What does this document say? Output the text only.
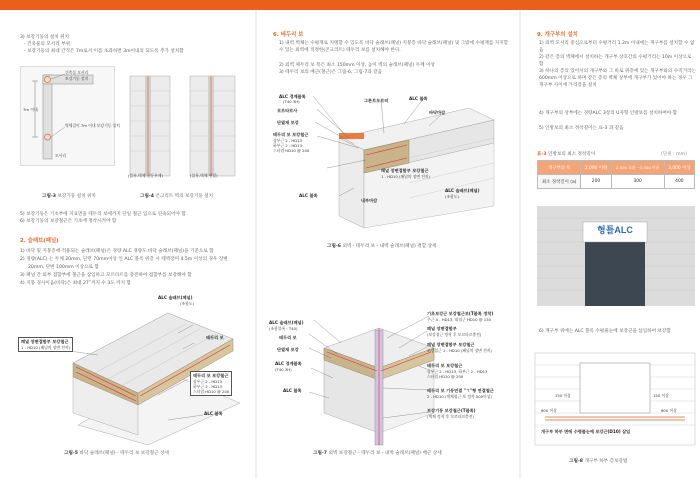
3) 보강기둥의 설치 위치
- 건축물의 모서리 부위
- 보강기둥의 최대 간격은 7m로서 이를 초과하면 3m이내의 되도록 추가 설치함
건축물 모서리
보강기둥 설치
7m 이내
벽체길이 7m 이내 보강기둥 설치
모서리
그림-3 보강기둥 설치 위치
(블록-벽체 공동부재)	(블록-벽체 연결)
그림-4 콘크리트 벽의 보강기둥 설치
5) 보강기둥은 기초부에 지표면을 테두리 보에까지 단일 철근 입으로 연속되어야 함
6) 보강기둥의 보강철근은 기초에 정착시켜야 함
2. 슬래브(패널)
1) 바닥 및 지붕층에 적용되는 슬래브(패널)은 경량 ALC 경량도 바닥 슬래브(패널)을 기준으로 함
2) 경량(ALC) 는 두께 20mm, 단면 70mm이상 인 ALC 블록 위층 시 테벽장미 4.5m 이상의 경우 장변
20mm, 단변 100mm 이상으로 함
3) 패널 간 외부 접합부에 철근을 삽입하고 모르타르를 충전하여 접합부를 보강해야 함
4) 지붕 경사이음(바닥)은 최대 27˚까지 수 3도 까지 함
ALC 슬래브(패널)
(조합도)
패널 장변접합부 보강철근
1 - HD10 (패널의 장변 전직)
테두리 보
테두리 보 보강철근
상부근 2 - HD13
하부근 2 - HD13
스터럽 HD10 @ 200
ALC 블록
그림-5 바닥 슬래브(패널) - 테두리 보 보강철근 상세
6. 테두리 보
1) 내력 벽체는 수평재로 지탱할 수 있도록 바닥 슬래브(패널) 지붕층 바닥 슬래브(패널) 및 그밖에 수평재를 지지할 수 있는 외벽에 적정한(콘크리트) 테두리 보를 설치해야 한다.
2) 외벽 체두리 보 폭은 최소 150mm 이상, 높이 벽의 슬래브(패널) 두께 이상
3) 테두리 보의 배근(철근)은 그림-6, 그림-7과 같음
ALC 경계블록
(T40 3H)	그론트모르터
모르타르사
ALC 블록
바닥마감
단열재 보강
테두리 보 보강철근
상부근 2 - HD13
하부근 2 - HD13
스터럽 HD10 @ 200
ALC 블록
내부마감
패널 장변접합부 보강철근
1 - HD10 (패널의 장변 전직)
ALC 슬래브(패널)
(조합도)
그림-6 외벽 - 테두리 보 - 내벽 슬래브(패널) 결합 상세
ALC 슬래브(패널)
(조합블록 : T40)
테두리 보
단열재 보강
ALC 경계블록
(T40 3H)
ALC 블록
기초보강근 보강철근보(T블록 정착)
주근 4 - HD13, 띠철근 HD10 @ 150
패널 장변접합부
(보강철근 정착 후 모르타르충전)
패널 장변접합부 보강철근
보강철근 1 - HD10 (패널의 장변 전직)
테두리 보 보강철근
상부근 2 - HD13, 하부근 2 - HD13
스터럽 HD10 @ 200
테두리 보 기둥연결 "ㄱ"형 연결철근
2 - HD10 (벽체철근 보 정착 500이상)
보강기둥 보강철근(T블록)
(벽체 정착 후 모르타르충전)
그림-7 외벽 보강철근 - 테두리 보 - 내벽 슬래브(패널) 배근 상세
9. 개구부의 설치
1) 외벽 모서리 중심으로부터 수평거리 1.2m 이내에는 개구부를 설치할 수 없음
2) 같은 층의 벽체에서 설치하는 개구부 상호간의 수평거리는 10m 이상으로 함
3) 하나의 층의 있어서의 개구부와 그 바로 위층에 있는 개구부와의 수직거리는 600mm 이상으로 하며 같은 층의 벽체 상부에 개구부가 있어야 하는 경우 그 개구부 사이에 가리장을 설치
4) 개구부의 상부에는 경량ALC 3장의 U자형 인방보를 설치하여야 함
5) 인방보의 최소 정착길이는 표-3 과 같음
표-3 인방보의 최소 정착길이	(단위 : mm)
개구부의 폭	2,000 이하	2,000 초과 ~3,000 이하	3,000 이상
최소 정착길이 (a)	200	300	400
형틀ALC
6) 개구부 위에는 ALC 블록 수평줄눈에 보강근을 삽입하여 보강함
150 이상	150 이상
600 이상	600 이상
개구부 하부 면에 수평줄눈에 보강근(D10) 삽입
그림-8 개구부 하부 층보강법
